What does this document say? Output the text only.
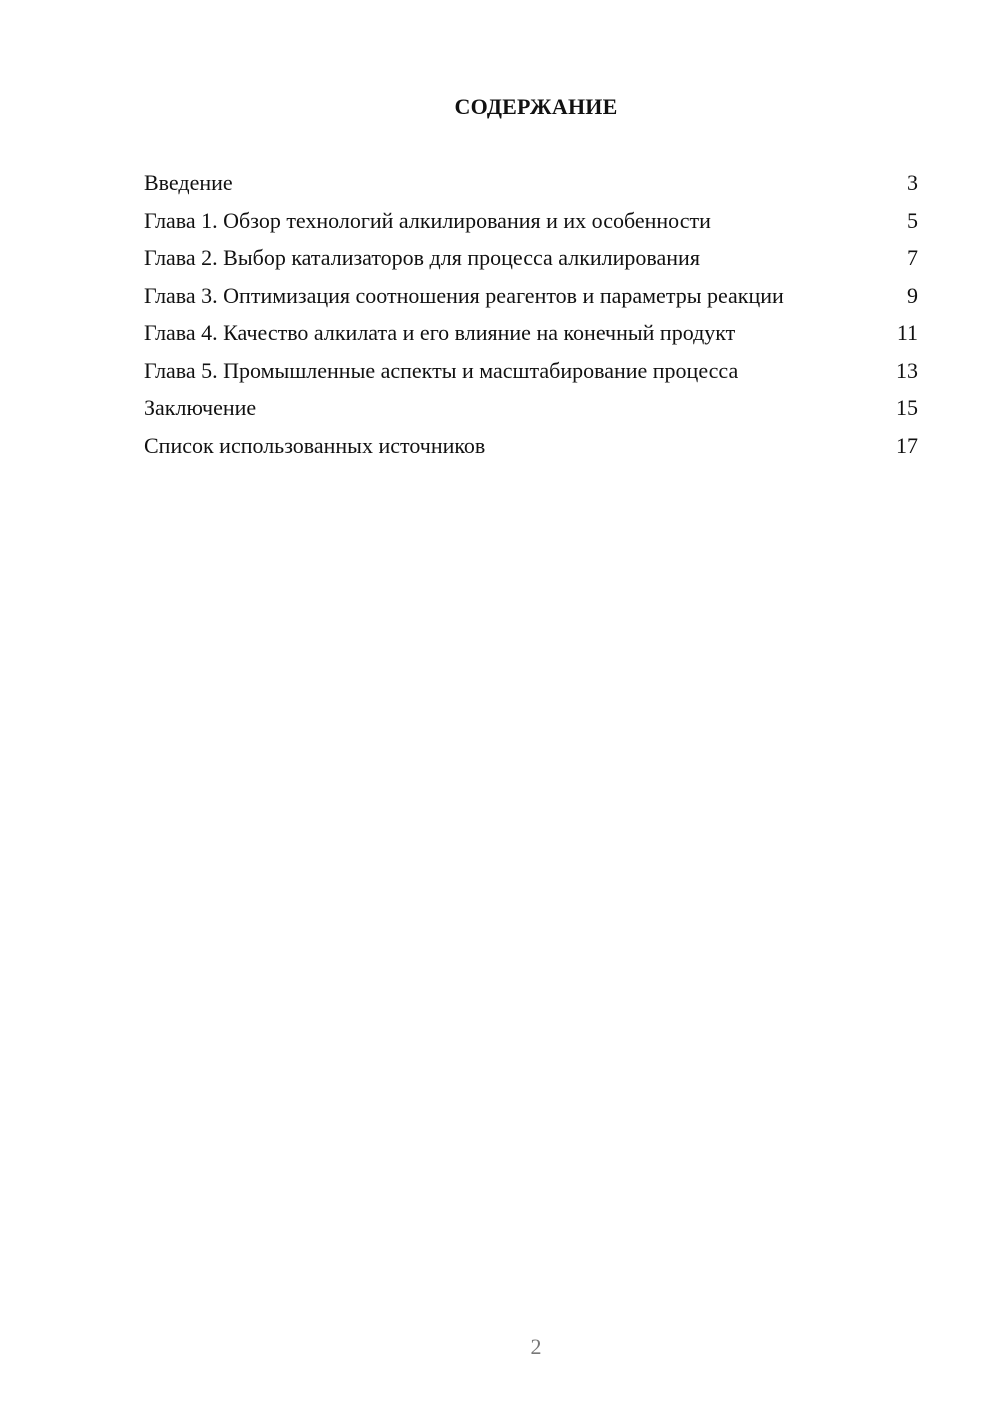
СОДЕРЖАНИЕ
Введение	3
Глава 1. Обзор технологий алкилирования и их особенности	5
Глава 2. Выбор катализаторов для процесса алкилирования	7
Глава 3. Оптимизация соотношения реагентов и параметры реакции	9
Глава 4. Качество алкилата и его влияние на конечный продукт	11
Глава 5. Промышленные аспекты и масштабирование процесса	13
Заключение	15
Список использованных источников	17
2
